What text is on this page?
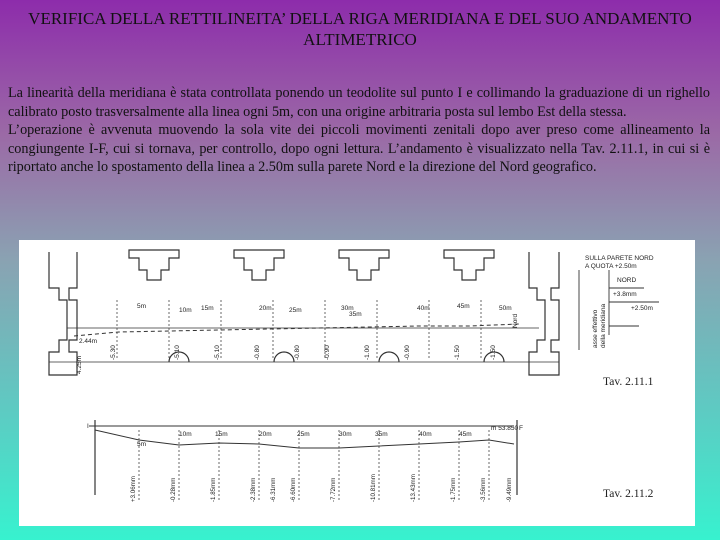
VERIFICA DELLA RETTILINEITA’ DELLA RIGA MERIDIANA E DEL SUO ANDAMENTO ALTIMETRICO

La linearità della meridiana è stata controllata ponendo un teodolite sul punto I e collimando la graduazione di un righello calibrato posto trasversalmente alla linea ogni 5m, con una origine arbitraria posta sul lembo Est della stessa.

L’operazione è avvenuta muovendo la sola vite dei piccoli movimenti zenitali dopo aver preso come allineamento la congiungente I-F, cui si tornava, per controllo, dopo ogni lettura. L’andamento è visualizzato nella Tav. 2.11.1, in cui si è riportato anche lo spostamento della linea a 2.50m sulla parete Nord e la direzione del Nord geografico.

SULLA PARETE NORD
A QUOTA +2.50m
NORD
+3.8mm
+2.50m
4.25m
2.44m
5m
10m 15m	20m	25m	30m
35m
40m	45m	50m
-5.30	-5.10	-5.10	-0.80	-0.80	-0.90	-1.00	-0.90	-1.50	-1.50
asse effettivo della meridiana
Nord
10m	15m	20m	25m	30m	35m	40m	45m
5m
m 53.850
I	F
+3.06mm	-0.28mm	-1.85mm	-2.38mm -6.31mm -6.60mm	-7.72mm	-10.81mm	-13.43mm	-1.75mm	-3.56mm	-9.49mm
Tav. 2.11.1
Tav. 2.11.2
